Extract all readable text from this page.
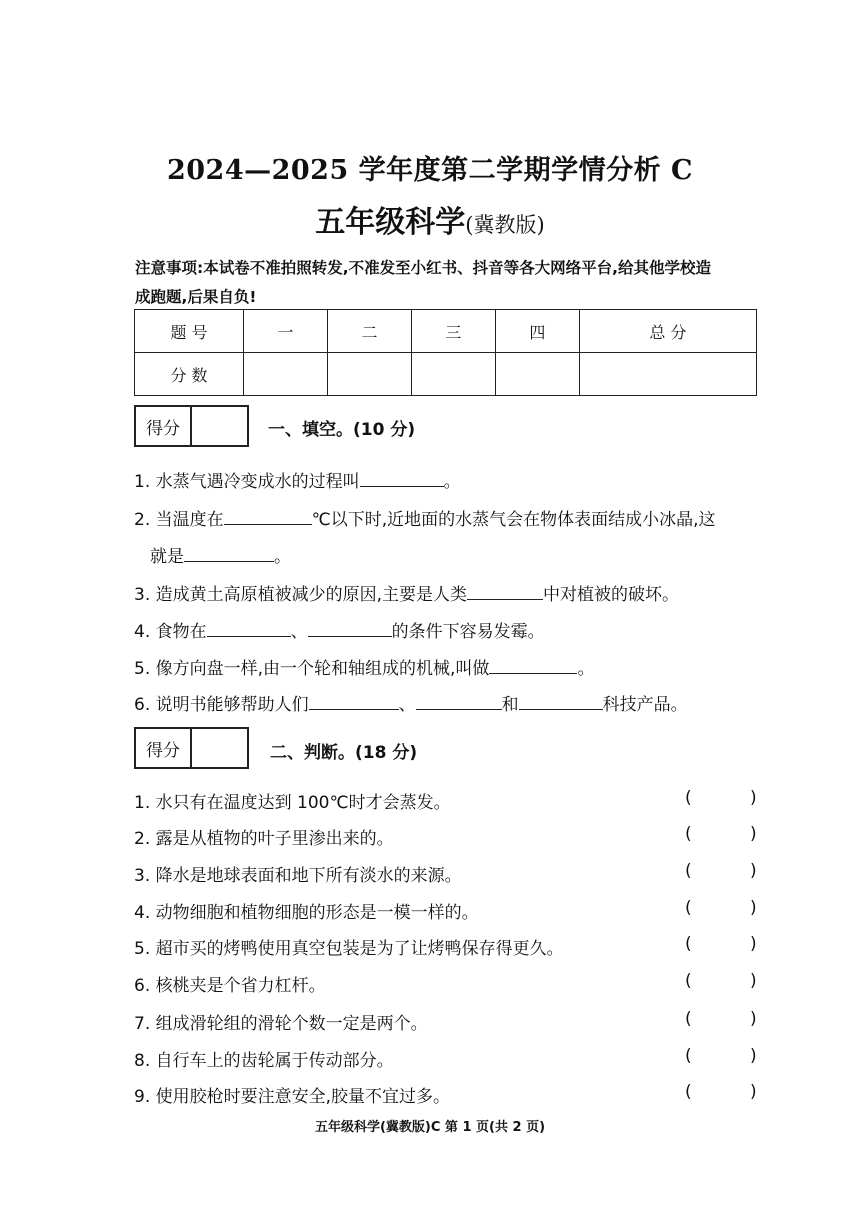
2024—2025 学年度第二学期学情分析 C
五年级科学(冀教版)
注意事项:本试卷不准拍照转发,不准发至小红书、抖音等各大网络平台,给其他学校造
成跑题,后果自负!
题 号	一	二	三	四	总 分
分 数					
得分	一、填空。(10 分)
1. 水蒸气遇冷变成水的过程叫	。
2. 当温度在	℃以下时,近地面的水蒸气会在物体表面结成小冰晶,这
就是	。
3. 造成黄土高原植被减少的原因,主要是人类	中对植被的破坏。
4. 食物在	、	的条件下容易发霉。
5. 像方向盘一样,由一个轮和轴组成的机械,叫做	。
6. 说明书能够帮助人们	、	和	科技产品。
得分	二、判断。(18 分)
1. 水只有在温度达到 100℃时才会蒸发。	(	)
2. 露是从植物的叶子里渗出来的。	(	)
3. 降水是地球表面和地下所有淡水的来源。	(	)
4. 动物细胞和植物细胞的形态是一模一样的。	(	)
5. 超市买的烤鸭使用真空包装是为了让烤鸭保存得更久。	(	)
6. 核桃夹是个省力杠杆。	(	)
7. 组成滑轮组的滑轮个数一定是两个。	(	)
8. 自行车上的齿轮属于传动部分。	(	)
9. 使用胶枪时要注意安全,胶量不宜过多。	(	)
五年级科学(冀教版)C 第 1 页(共 2 页)
